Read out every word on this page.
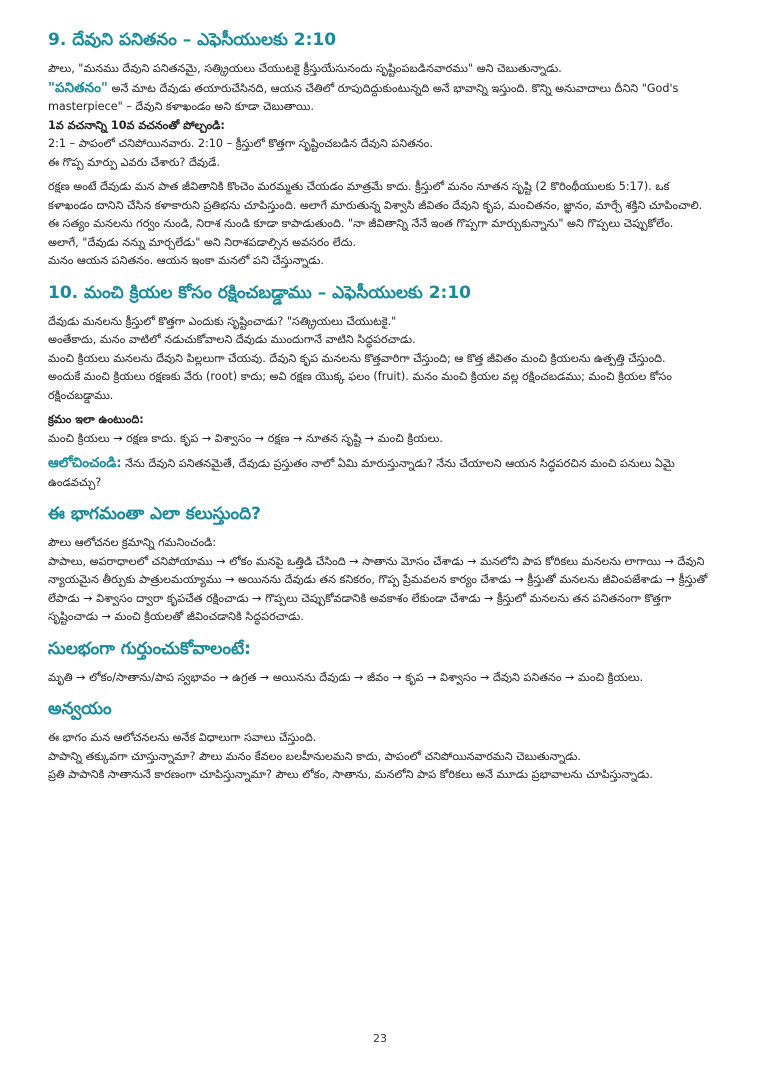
9. దేవుని పనితనం – ఎఫెసీయులకు 2:10

పౌలు, "మనము దేవుని పనితనమై, సత్క్రియలు చేయుటకై క్రీస్తుయేసునందు సృష్టింపబడినవారము" అని చెబుతున్నాడు.

"పనితనం" అనే మాట దేవుడు తయారుచేసినది, ఆయన చేతిలో రూపుదిద్దుకుంటున్నది అనే భావాన్ని ఇస్తుంది. కొన్ని అనువాదాలు దీనిని "God's masterpiece" – దేవుని కళాఖండం అని కూడా చెబుతాయి.

1వ వచనాన్ని 10వ వచనంతో పోల్చండి:

2:1 – పాపంలో చనిపోయినవారు. 2:10 – క్రీస్తులో కొత్తగా సృష్టించబడిన దేవుని పనితనం.

ఈ గొప్ప మార్పు ఎవరు చేశారు? దేవుడే.

రక్షణ అంటే దేవుడు మన పాత జీవితానికి కొంచెం మరమ్మతు చేయడం మాత్రమే కాదు. క్రీస్తులో మనం నూతన సృష్టి (2 కొరింథీయులకు 5:17). ఒక కళాఖండం దానిని చేసిన కళాకారుని ప్రతిభను చూపిస్తుంది. అలాగే మారుతున్న విశ్వాసి జీవితం దేవుని కృప, మంచితనం, జ్ఞానం, మార్చే శక్తిని చూపించాలి. ఈ సత్యం మనలను గర్వం నుండి, నిరాశ నుండి కూడా కాపాడుతుంది. "నా జీవితాన్ని నేనే ఇంత గొప్పగా మార్చుకున్నాను" అని గొప్పలు చెప్పుకోలేం.

అలాగే, "దేవుడు నన్ను మార్చలేడు" అని నిరాశపడాల్సిన అవసరం లేదు.

మనం ఆయన పనితనం. ఆయన ఇంకా మనలో పని చేస్తున్నాడు.

10. మంచి క్రియల కోసం రక్షించబడ్డాము – ఎఫెసీయులకు 2:10

దేవుడు మనలను క్రీస్తులో కొత్తగా ఎందుకు సృష్టించాడు? "సత్క్రియలు చేయుటకై."

అంతేకాదు, మనం వాటిలో నడుచుకోవాలని దేవుడు ముందుగానే వాటిని సిద్ధపరచాడు.

మంచి క్రియలు మనలను దేవుని పిల్లలుగా చేయవు. దేవుని కృప మనలను కొత్తవారిగా చేస్తుంది; ఆ కొత్త జీవితం మంచి క్రియలను ఉత్పత్తి చేస్తుంది.

అందుకే మంచి క్రియలు రక్షణకు వేరు (root) కాదు; అవి రక్షణ యొక్క ఫలం (fruit). మనం మంచి క్రియల వల్ల రక్షించబడము; మంచి క్రియల కోసం రక్షించబడ్డాము.

క్రమం ఇలా ఉంటుంది:

మంచి క్రియలు → రక్షణ కాదు. కృప → విశ్వాసం → రక్షణ → నూతన సృష్టి → మంచి క్రియలు.

ఆలోచించండి: నేను దేవుని పనితనమైతే, దేవుడు ప్రస్తుతం నాలో ఏమి మారుస్తున్నాడు? నేను చేయాలని ఆయన సిద్ధపరచిన మంచి పనులు ఏమై ఉండవచ్చు?

ఈ భాగమంతా ఎలా కలుస్తుంది?

పౌలు ఆలోచనల క్రమాన్ని గమనించండి:

పాపాలు, అపరాధాలలో చనిపోయాము → లోకం మనపై ఒత్తిడి చేసింది → సాతాను మోసం చేశాడు → మనలోని పాప కోరికలు మనలను లాగాయి → దేవుని న్యాయమైన తీర్పుకు పాత్రులమయ్యాము → అయినను దేవుడు తన కనికరం, గొప్ప ప్రేమవలన కార్యం చేశాడు → క్రీస్తుతో మనలను జీవింపజేశాడు → క్రీస్తుతో లేపాడు → విశ్వాసం ద్వారా కృపచేత రక్షించాడు → గొప్పలు చెప్పుకోవడానికి అవకాశం లేకుండా చేశాడు → క్రీస్తులో మనలను తన పనితనంగా కొత్తగా సృష్టించాడు → మంచి క్రియలతో జీవించడానికి సిద్ధపరచాడు.

సులభంగా గుర్తుంచుకోవాలంటే:

మృతి → లోకం/సాతాను/పాప స్వభావం → ఉగ్రత → అయినను దేవుడు → జీవం → కృప → విశ్వాసం → దేవుని పనితనం → మంచి క్రియలు.

అన్వయం

ఈ భాగం మన ఆలోచనలను అనేక విధాలుగా సవాలు చేస్తుంది.

పాపాన్ని తక్కువగా చూస్తున్నామా? పౌలు మనం కేవలం బలహీనులమని కాదు, పాపంలో చనిపోయినవారమని చెబుతున్నాడు.

ప్రతి పాపానికి సాతానునే కారణంగా చూపిస్తున్నామా? పౌలు లోకం, సాతాను, మనలోని పాప కోరికలు అనే మూడు ప్రభావాలను చూపిస్తున్నాడు.

23
